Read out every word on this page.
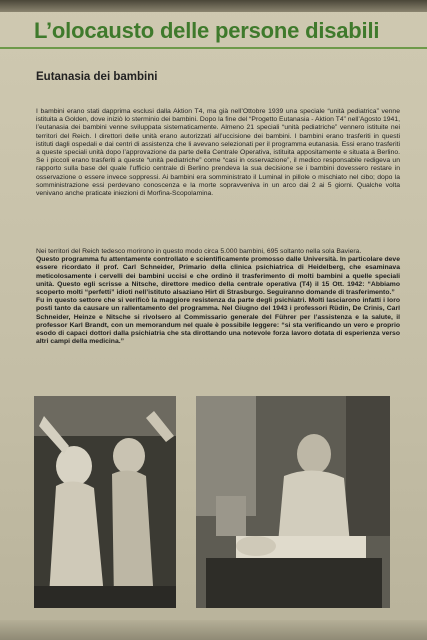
L’olocausto delle persone disabili
Eutanasia dei bambini
I bambini erano stati dapprima esclusi dalla Aktion T4, ma già nell’Ottobre 1939 una speciale “unità pediatrica” venne istituita a Golden, dove iniziò lo sterminio dei bambini. Dopo la fine del “Progetto Eutanasia - Aktion T4” nell’Agosto 1941, l’eutanasia dei bambini venne sviluppata sistematicamente. Almeno 21 speciali “unità pediatriche” vennero istituite nei territori del Reich. I direttori delle unità erano autorizzati all’uccisione dei bambini. I bambini erano trasferiti in questi istituti dagli ospedali e dai centri di assistenza che li avevano selezionati per il programma eutanasia. Essi erano trasferiti a queste speciali unità dopo l’approvazione da parte della Centrale Operativa, istituita appositamente e situata a Berlino. Se i piccoli erano trasferiti a queste “unità pediatriche” come “casi in osservazione”, il medico responsabile redigeva un rapporto sulla base del quale l’ufficio centrale di Berlino prendeva la sua decisione se i bambini dovessero restare in osservazione o essere invece soppressi. Ai bambini era somministrato il Luminal in pillole o mischiato nel cibo; dopo la somministrazione essi perdevano conoscenza e la morte sopravveniva in un arco dai 2 ai 5 giorni. Qualche volta venivano anche praticate iniezioni di Morfina-Scopolamina.
Nei territori del Reich tedesco morirono in questo modo circa 5.000 bambini, 695 soltanto nella sola Baviera.
Questo programma fu attentamente controllato e scientificamente promosso dalle Università. In particolare deve essere ricordato il prof. Carl Schneider, Primario della clinica psichiatrica di Heidelberg, che esaminava meticolosamente i cervelli dei bambini uccisi e che ordinò il trasferimento di molti bambini a quelle speciali unità. Questo egli scrisse a Nitsche, direttore medico della centrale operativa (T4) il 15 Ott. 1942: “Abbiamo scoperto molti “perfetti” idioti nell’istituto alsaziano Hirt di Strasburgo. Seguiranno domande di trasferimento.”
Fu in questo settore che si verificò la maggiore resistenza da parte degli psichiatri. Molti lasciarono infatti i loro posti tanto da causare un rallentamento del programma. Nel Giugno del 1943 i professori Rüdin, De Crinis, Carl Schneider, Heinze e Nitsche si rivolsero al Commissario generale del Führer per l’assistenza e la salute, il professor Karl Brandt, con un memorandum nel quale è possibile leggere: “si sta verificando un vero e proprio esodo di capaci dottori dalla psichiatria che sta dirottando una notevole forza lavoro dotata di esperienza verso altri campi della medicina.”
